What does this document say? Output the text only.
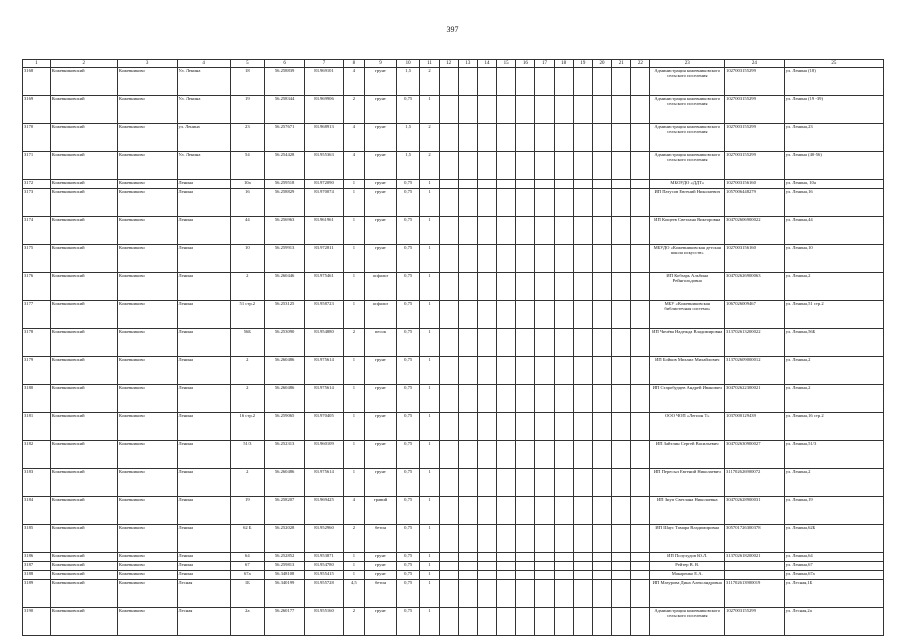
397
1	2	3	4	5	6	7	8	9	10	11	12	13	14	15	16	17	18	19	20	21	22	23	24	25
3168	Кожевниковский	Кожевниково	Ул. Ленина	18	56.258839	83.969101	4	грунт	1,5	2												Администрация кожевниковского сельского поселения	1027003155299	ул. Ленина (18)
3169	Кожевниковский	Кожевниково	Ул. Ленина	19	56.258344	83.969906	2	грунт	0,75	1												Администрация кожевниковского сельского поселения	1027003155299	ул. Ленина (19 -39)
3170	Кожевниковский	Кожевниково	ул. Ленина	23	56.257671	83.968913	4	грунт	1,5	2												Администрация кожевниковского сельского поселения	1027003155299	ул. Ленина,23
3171	Кожевниковский	Кожевниково	Ул. Ленина	54	56.254428	83.955363	4	грунт	1,5	2												Администрация кожевниковского сельского поселения	1027003155299	ул. Ленина (40-56)
3172	Кожевниковский	Кожевниково	Ленина	10а	56.259518	83.972090	1	грунт	0,75	1												МБОУДО «ДДТ»	1027003156160	ул. Ленина, 10а
3173	Кожевниковский	Кожевниково	Ленина	16	56.258829	83.970074	1	грунт	0,75	1												ИП Патусов Евгений Николаевич	1057006448279	ул. Ленина,16
3174	Кожевниковский	Кожевниково	Ленина	44	56.256963	83.961961	1	грунт	0,75	1												ИП Кощеев Светлана Викторовна	304702606900022	ул. Ленина,44
3175	Кожевниковский	Кожевниково	Ленина	10	56.259913	83.972811	1	грунт	0,75	1												МБУДО «Кожевниковская детская школа искусств»	1027003156160	ул. Ленина,10
3176	Кожевниковский	Кожевниково	Ленина	2	56.260446	83.975461	1	асфальт	0,75	1												ИП Кобзарь Альбина Рейнгольдовна	304702626900063	ул. Ленина,2
3177	Кожевниковский	Кожевниково	Ленина	51 стр.2	56.253125	83.958723	1	асфальт	0,75	1												МБУ «Кожевниковская библиотечная система»	1067026009467	ул. Ленина,51 стр.2
3178	Кожевниковский	Кожевниково	Ленина	56Б	56.253090	83.954880	2	песок	0,75	1												ИП Чичёва Надежда Владимировна	313702613200022	ул. Ленина,56Б
3179	Кожевниковский	Кожевниково	Ленина	2	56.260486	83.975614	1	грунт	0,75	1												ИП Бойков Михаил Михайлович	313702609000012	ул. Ленина,2
3180	Кожевниковский	Кожевниково	Ленина	2	56.260486	83.975614	1	грунт	0,75	1												ИП Старобудцев Андрей Иванович	304702622300021	ул. Ленина,2
3181	Кожевниковский	Кожевниково	Ленина	16 стр.2	56.259065	83.970405	1	грунт	0,75	1												ООО ЧОП «Легион Т»	1037000129439	ул. Ленина,16 стр.2
3182	Кожевниковский	Кожевниково	Ленина	51/3	56.252313	83.960109	1	грунт	0,75	1												ИП Зайтлин Сергей Васильевич	304702630900027	ул. Ленина,51/3
3183	Кожевниковский	Кожевниково	Ленина	2	56.260486	83.975614	1	грунт	0,75	1												ИП Пересыл Евгений Николаевич	311702626900072	ул. Ленина,2
3184	Кожевниковский	Кожевниково	Ленина	19	56.258207	83.969425	4	гравий	0,75	1												ИП Зиуп Светлана Николаевна	304702628900031	ул. Ленина,19
3185	Кожевниковский	Кожевниково	Ленина	62 Б	56.252028	83.952960	2	бетон	0,75	1												ИП Шаус Тамара Владимировна	305701726300378	ул. Ленина,62Б
3186	Кожевниковский	Кожевниково	Ленина	64	56.252852	83.953871	1	грунт	0,75	1												ИП Полухудов Ю.Л.	313702618200021	ул. Ленина,64
3187	Кожевниковский	Кожевниково	Ленина	67	56.259813	83.954780	1	грунт	0,75	1												Рейтер В. В.		ул. Ленина,67
3188	Кожевниковский	Кожевниково	Ленина	67а	56.348108	83.955415	1	грунт	0,75	1												Макаренко Е.А.		ул. Ленина,67а
3189	Кожевниковский	Кожевниково	Лесная	1Б	56.340199	83.955728	4,5	бетон	0,75	1												ИП Мазурова Дина Александровна	311702613900019	ул. Лесная,1Б
3190	Кожевниковский	Кожевниково	Лесная	2а	56.260177	83.955160	2	грунт	0,75	1												Администрация кожевниковского сельского поселения	1027003155299	ул. Лесная,2а
